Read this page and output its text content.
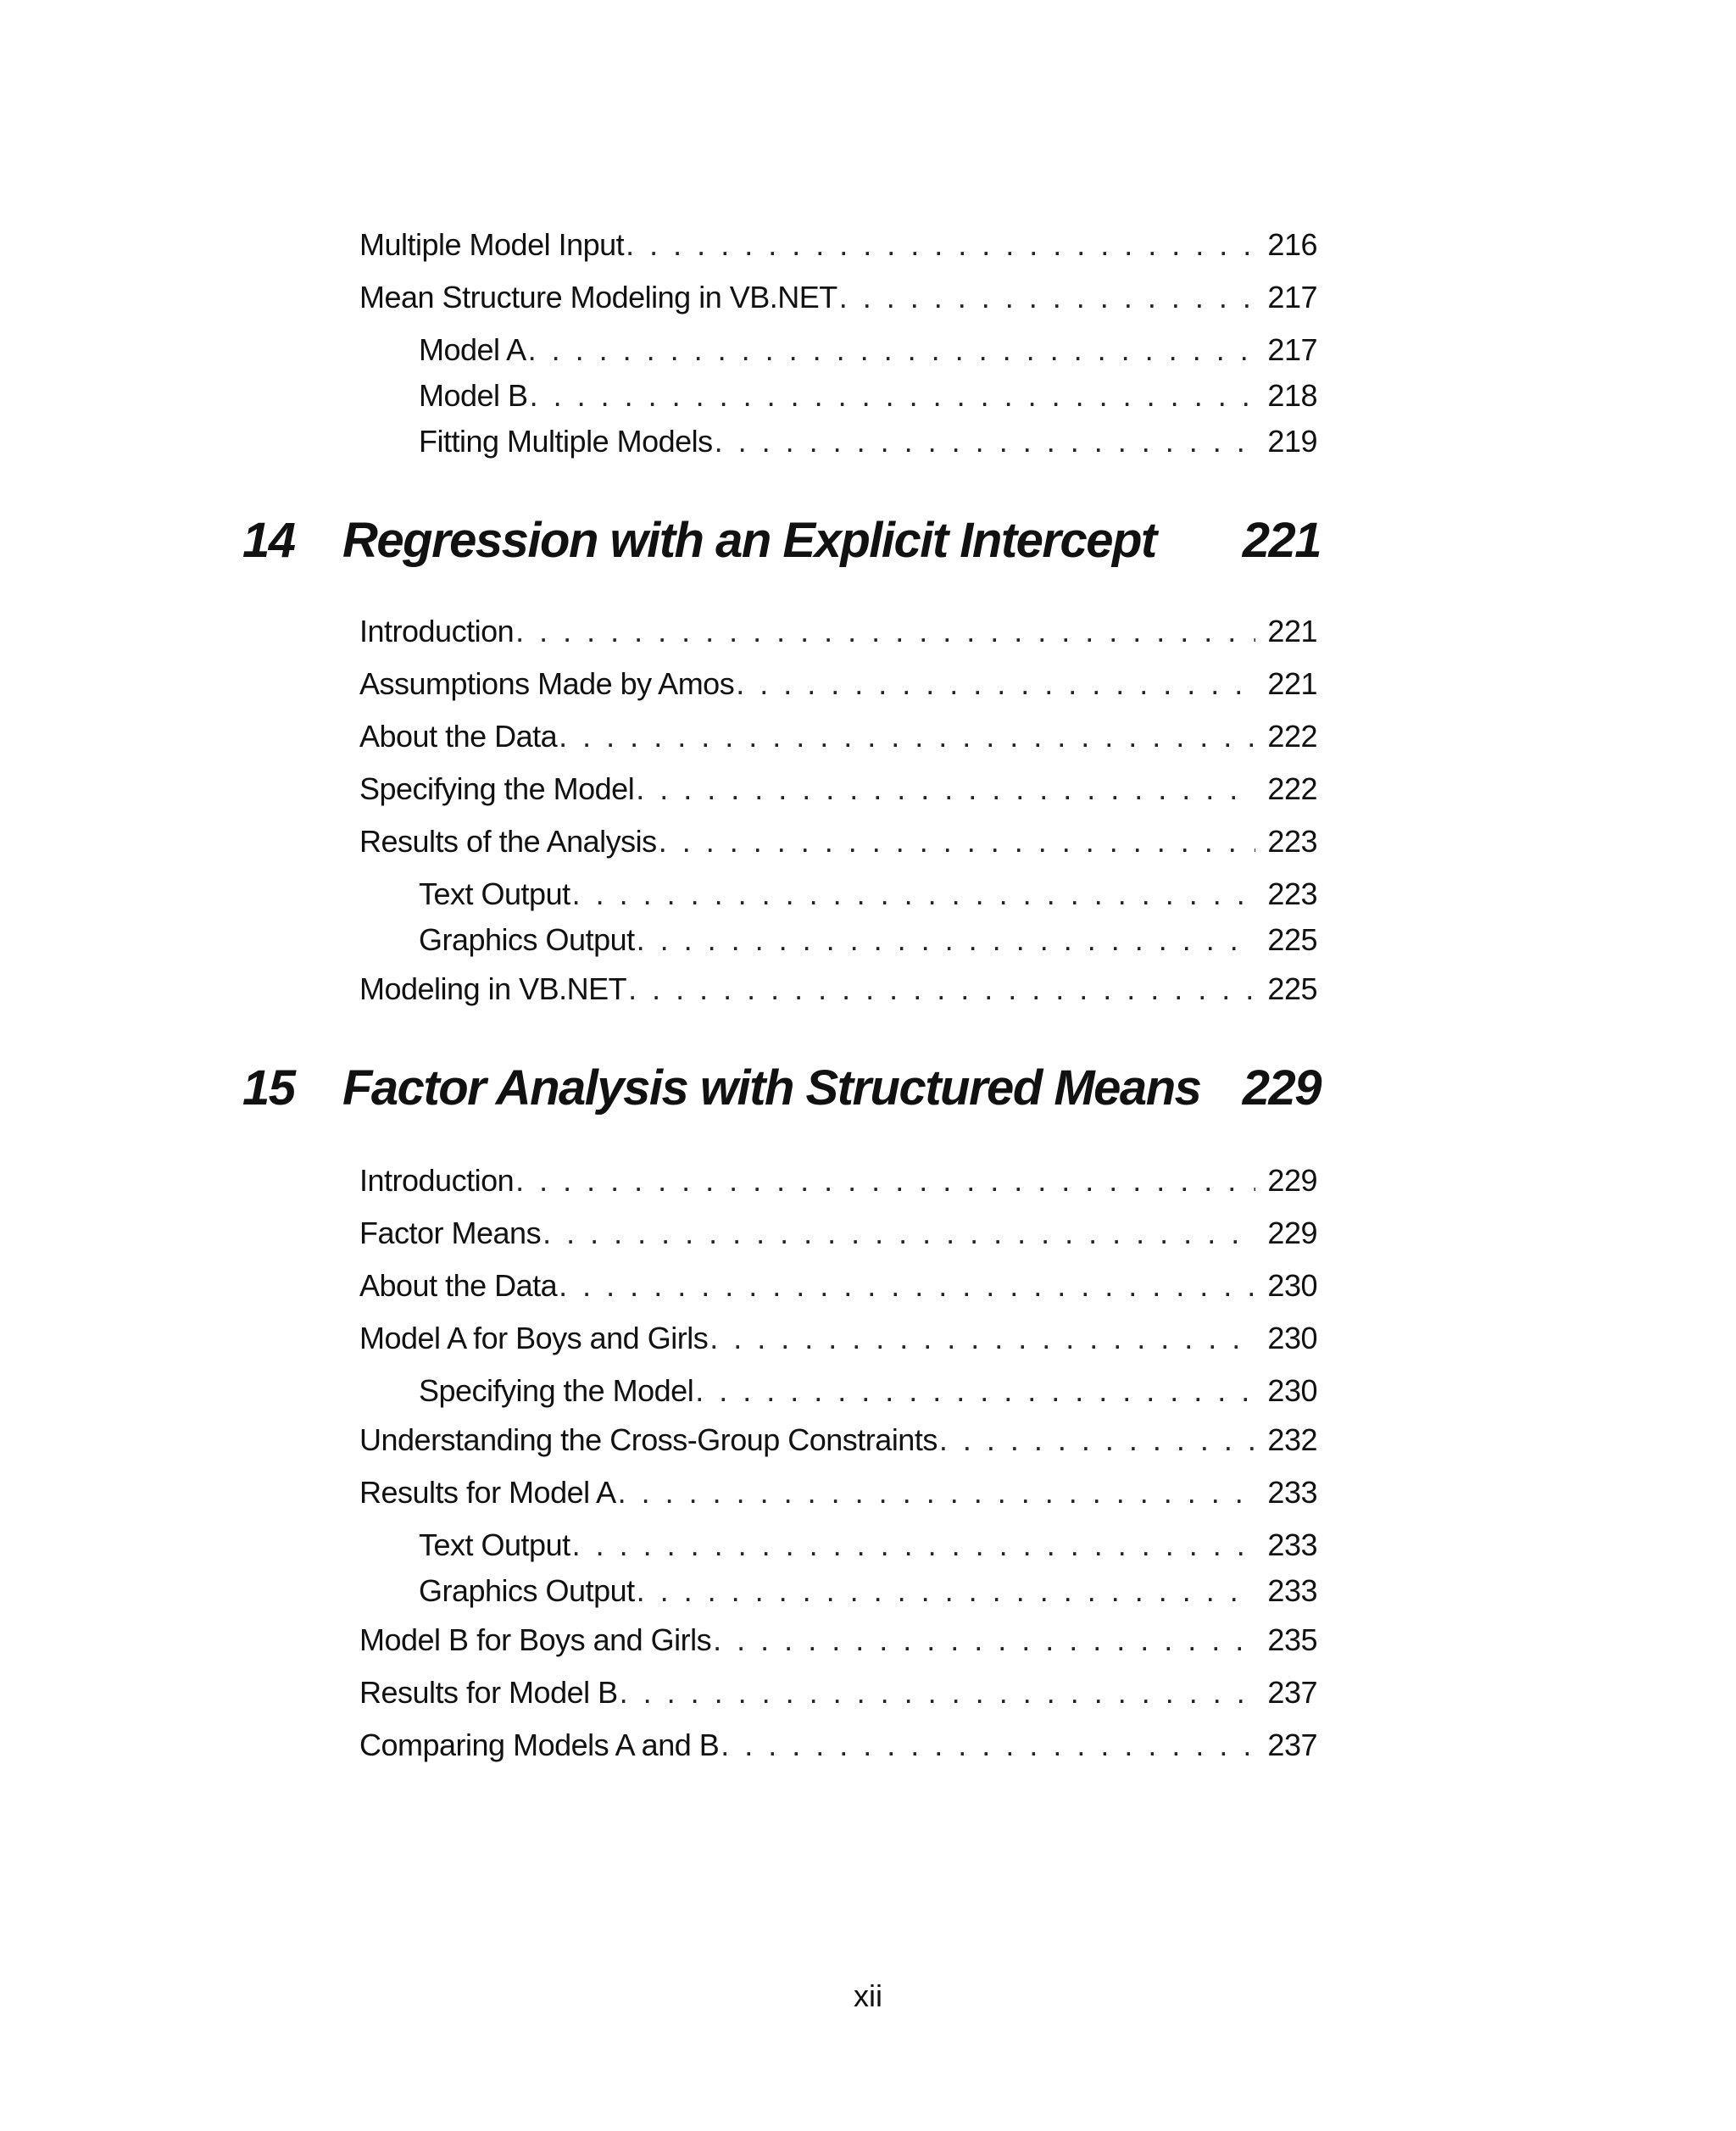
Multiple Model Input . . .	216
Mean Structure Modeling in VB.NET . . .	217
Model A . . .	217
Model B . . .	218
Fitting Multiple Models . . .	219
14 Regression with an Explicit Intercept 221
Introduction . . .	221
Assumptions Made by Amos . . .	221
About the Data . . .	222
Specifying the Model . . .	222
Results of the Analysis . . .	223
Text Output . . .	223
Graphics Output . . .	225
Modeling in VB.NET . . .	225
15 Factor Analysis with Structured Means 229
Introduction . . .	229
Factor Means . . .	229
About the Data . . .	230
Model A for Boys and Girls . . .	230
Specifying the Model . . .	230
Understanding the Cross-Group Constraints . . .	232
Results for Model A . . .	233
Text Output . . .	233
Graphics Output . . .	233
Model B for Boys and Girls . . .	235
Results for Model B . . .	237
Comparing Models A and B . . .	237
xii
